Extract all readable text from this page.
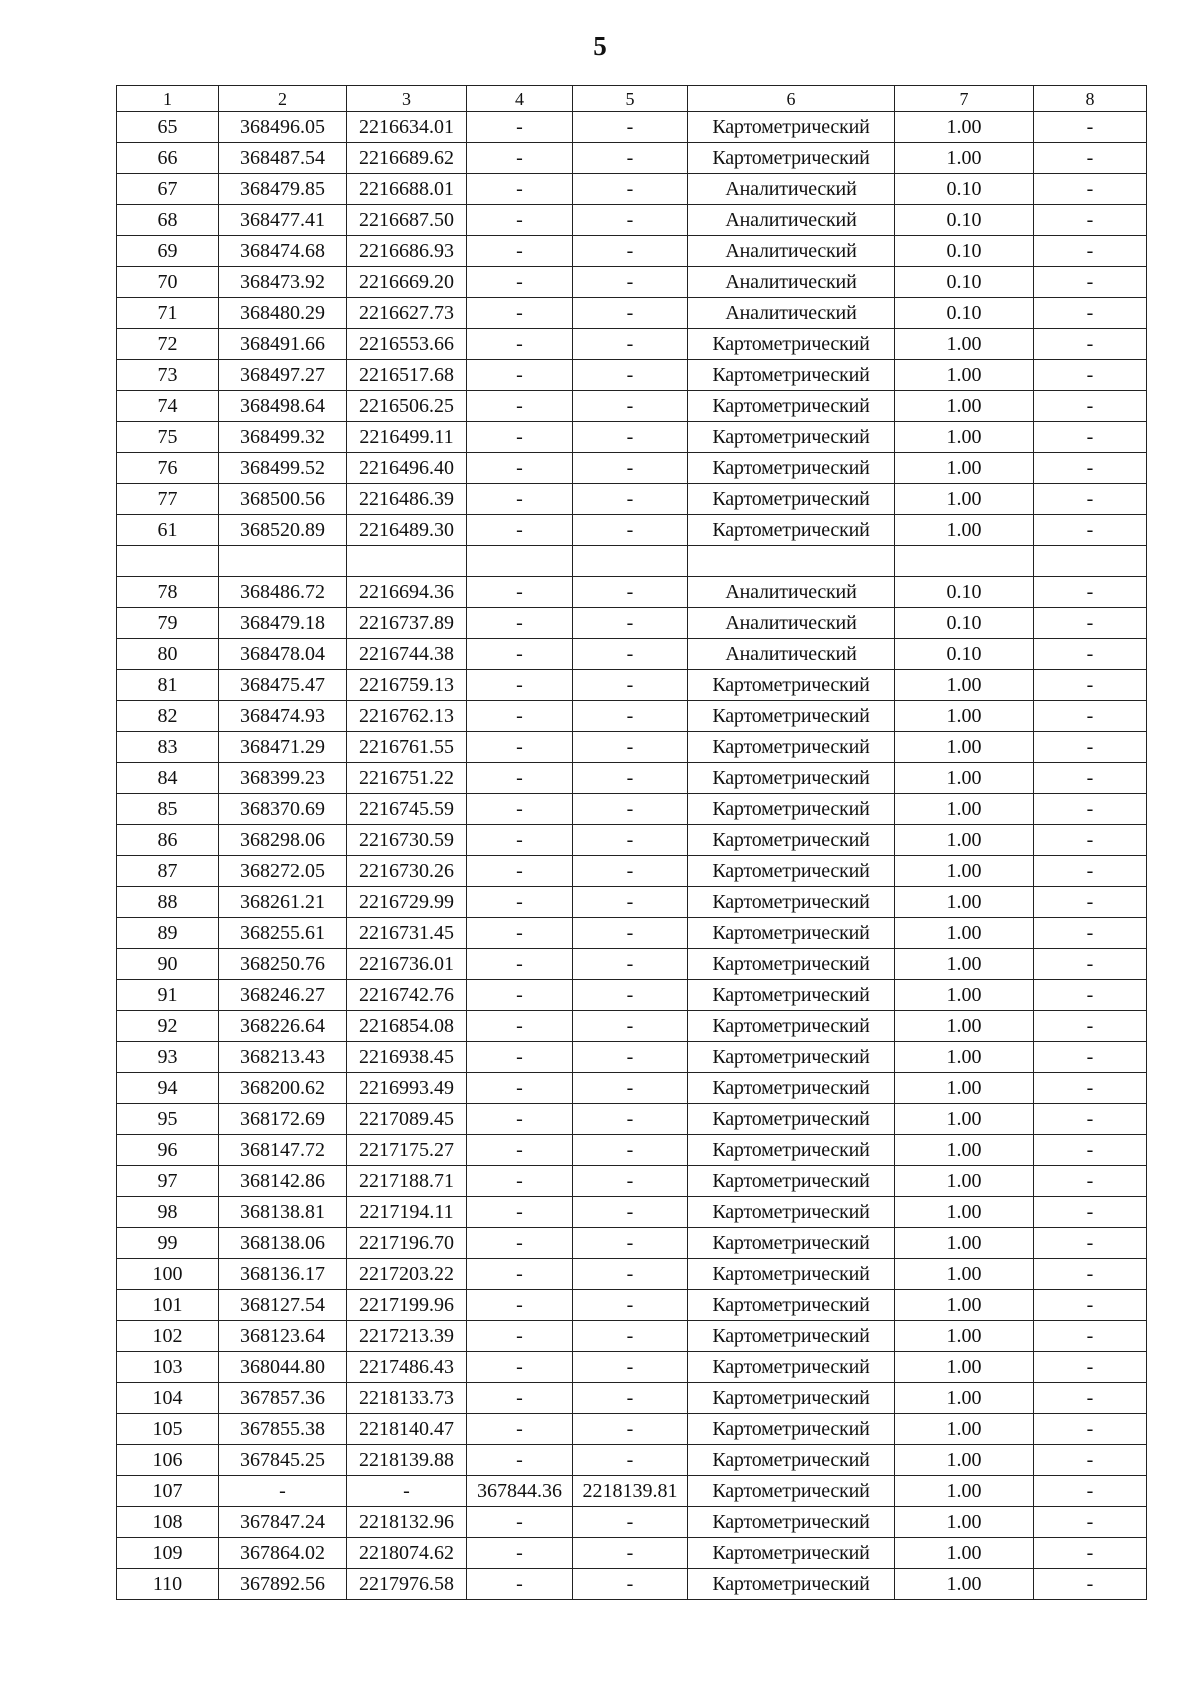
5
1	2	3	4	5	6	7	8
65	368496.05	2216634.01	-	-	Картометрический	1.00	-
66	368487.54	2216689.62	-	-	Картометрический	1.00	-
67	368479.85	2216688.01	-	-	Аналитический	0.10	-
68	368477.41	2216687.50	-	-	Аналитический	0.10	-
69	368474.68	2216686.93	-	-	Аналитический	0.10	-
70	368473.92	2216669.20	-	-	Аналитический	0.10	-
71	368480.29	2216627.73	-	-	Аналитический	0.10	-
72	368491.66	2216553.66	-	-	Картометрический	1.00	-
73	368497.27	2216517.68	-	-	Картометрический	1.00	-
74	368498.64	2216506.25	-	-	Картометрический	1.00	-
75	368499.32	2216499.11	-	-	Картометрический	1.00	-
76	368499.52	2216496.40	-	-	Картометрический	1.00	-
77	368500.56	2216486.39	-	-	Картометрический	1.00	-
61	368520.89	2216489.30	-	-	Картометрический	1.00	-

78	368486.72	2216694.36	-	-	Аналитический	0.10	-
79	368479.18	2216737.89	-	-	Аналитический	0.10	-
80	368478.04	2216744.38	-	-	Аналитический	0.10	-
81	368475.47	2216759.13	-	-	Картометрический	1.00	-
82	368474.93	2216762.13	-	-	Картометрический	1.00	-
83	368471.29	2216761.55	-	-	Картометрический	1.00	-
84	368399.23	2216751.22	-	-	Картометрический	1.00	-
85	368370.69	2216745.59	-	-	Картометрический	1.00	-
86	368298.06	2216730.59	-	-	Картометрический	1.00	-
87	368272.05	2216730.26	-	-	Картометрический	1.00	-
88	368261.21	2216729.99	-	-	Картометрический	1.00	-
89	368255.61	2216731.45	-	-	Картометрический	1.00	-
90	368250.76	2216736.01	-	-	Картометрический	1.00	-
91	368246.27	2216742.76	-	-	Картометрический	1.00	-
92	368226.64	2216854.08	-	-	Картометрический	1.00	-
93	368213.43	2216938.45	-	-	Картометрический	1.00	-
94	368200.62	2216993.49	-	-	Картометрический	1.00	-
95	368172.69	2217089.45	-	-	Картометрический	1.00	-
96	368147.72	2217175.27	-	-	Картометрический	1.00	-
97	368142.86	2217188.71	-	-	Картометрический	1.00	-
98	368138.81	2217194.11	-	-	Картометрический	1.00	-
99	368138.06	2217196.70	-	-	Картометрический	1.00	-
100	368136.17	2217203.22	-	-	Картометрический	1.00	-
101	368127.54	2217199.96	-	-	Картометрический	1.00	-
102	368123.64	2217213.39	-	-	Картометрический	1.00	-
103	368044.80	2217486.43	-	-	Картометрический	1.00	-
104	367857.36	2218133.73	-	-	Картометрический	1.00	-
105	367855.38	2218140.47	-	-	Картометрический	1.00	-
106	367845.25	2218139.88	-	-	Картометрический	1.00	-
107	-	-	367844.36	2218139.81	Картометрический	1.00	-
108	367847.24	2218132.96	-	-	Картометрический	1.00	-
109	367864.02	2218074.62	-	-	Картометрический	1.00	-
110	367892.56	2217976.58	-	-	Картометрический	1.00	-
